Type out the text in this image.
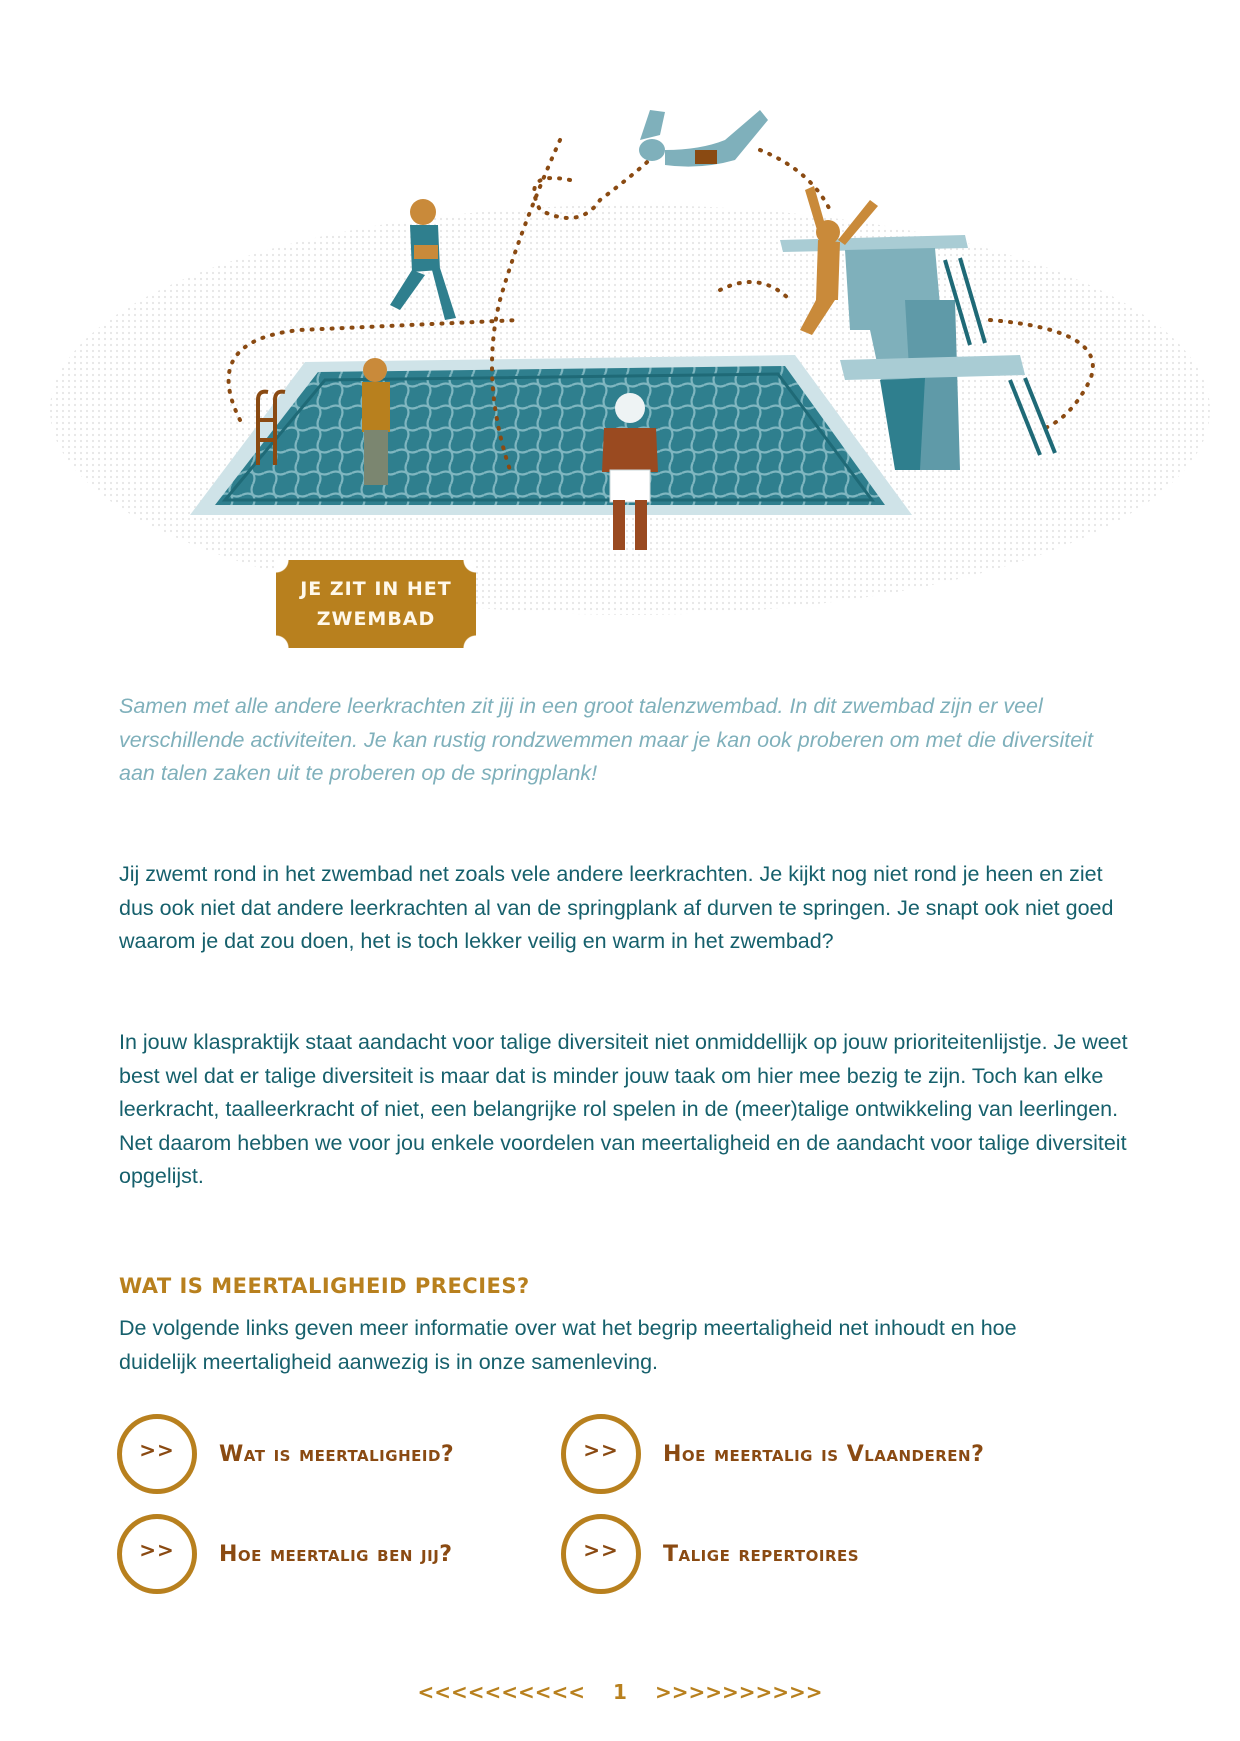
JE ZIT IN HET
ZWEMBAD

Samen met alle andere leerkrachten zit jij in een groot talenzwembad. In dit zwembad zijn er veel verschillende activiteiten. Je kan rustig rondzwemmen maar je kan ook proberen om met die diversiteit aan talen zaken uit te proberen op de springplank!

Jij zwemt rond in het zwembad net zoals vele andere leerkrachten. Je kijkt nog niet rond je heen en ziet dus ook niet dat andere leerkrachten al van de springplank af durven te springen. Je snapt ook niet goed waarom je dat zou doen, het is toch lekker veilig en warm in het zwembad?

In jouw klaspraktijk staat aandacht voor talige diversiteit niet onmiddellijk op jouw prioriteitenlijstje. Je weet best wel dat er talige diversiteit is maar dat is minder jouw taak om hier mee bezig te zijn. Toch kan elke leerkracht, taalleerkracht of niet, een belangrijke rol spelen in de (meer)talige ontwikkeling van leerlingen. Net daarom hebben we voor jou enkele voordelen van meertaligheid en de aandacht voor talige diversiteit opgelijst.

WAT IS MEERTALIGHEID PRECIES?

De volgende links geven meer informatie over wat het begrip meertaligheid net inhoudt en hoe duidelijk meertaligheid aanwezig is in onze samenleving.

>> Wat is meertaligheid?	>> Hoe meertalig is Vlaanderen?
>> Hoe meertalig ben jij?	>> Talige repertoires
<<<<<<<<<< 1 >>>>>>>>>>
